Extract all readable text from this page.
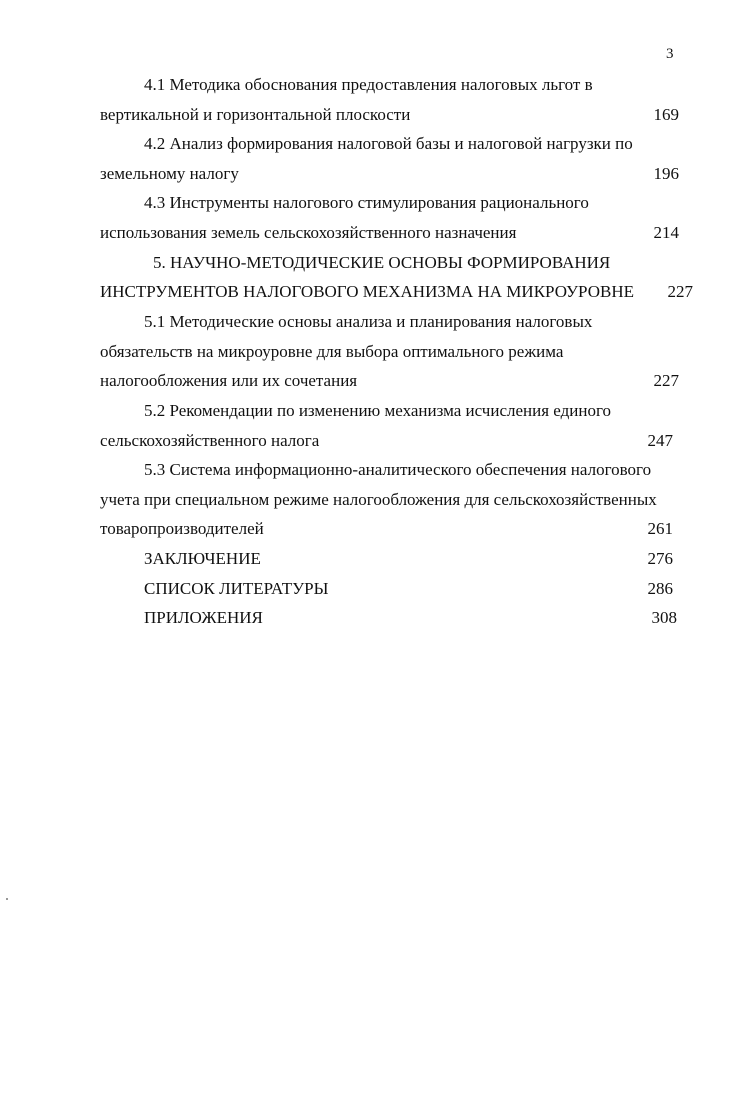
3
4.1 Методика обоснования предоставления налоговых льгот в
вертикальной и горизонтальной плоскости	169
4.2 Анализ формирования налоговой базы и налоговой нагрузки по
земельному налогу	196
4.3 Инструменты налогового стимулирования рационального
использования земель сельскохозяйственного назначения	214
5. НАУЧНО-МЕТОДИЧЕСКИЕ ОСНОВЫ ФОРМИРОВАНИЯ
ИНСТРУМЕНТОВ НАЛОГОВОГО МЕХАНИЗМА НА МИКРОУРОВНЕ 227
5.1 Методические основы анализа и планирования налоговых
обязательств на микроуровне для выбора оптимального режима
налогообложения или их сочетания	227
5.2 Рекомендации по изменению механизма исчисления единого
сельскохозяйственного налога	247
5.3 Система информационно-аналитического обеспечения налогового
учета при специальном режиме налогообложения для сельскохозяйственных
товаропроизводителей	261
ЗАКЛЮЧЕНИЕ	276
СПИСОК ЛИТЕРАТУРЫ	286
ПРИЛОЖЕНИЯ	308
